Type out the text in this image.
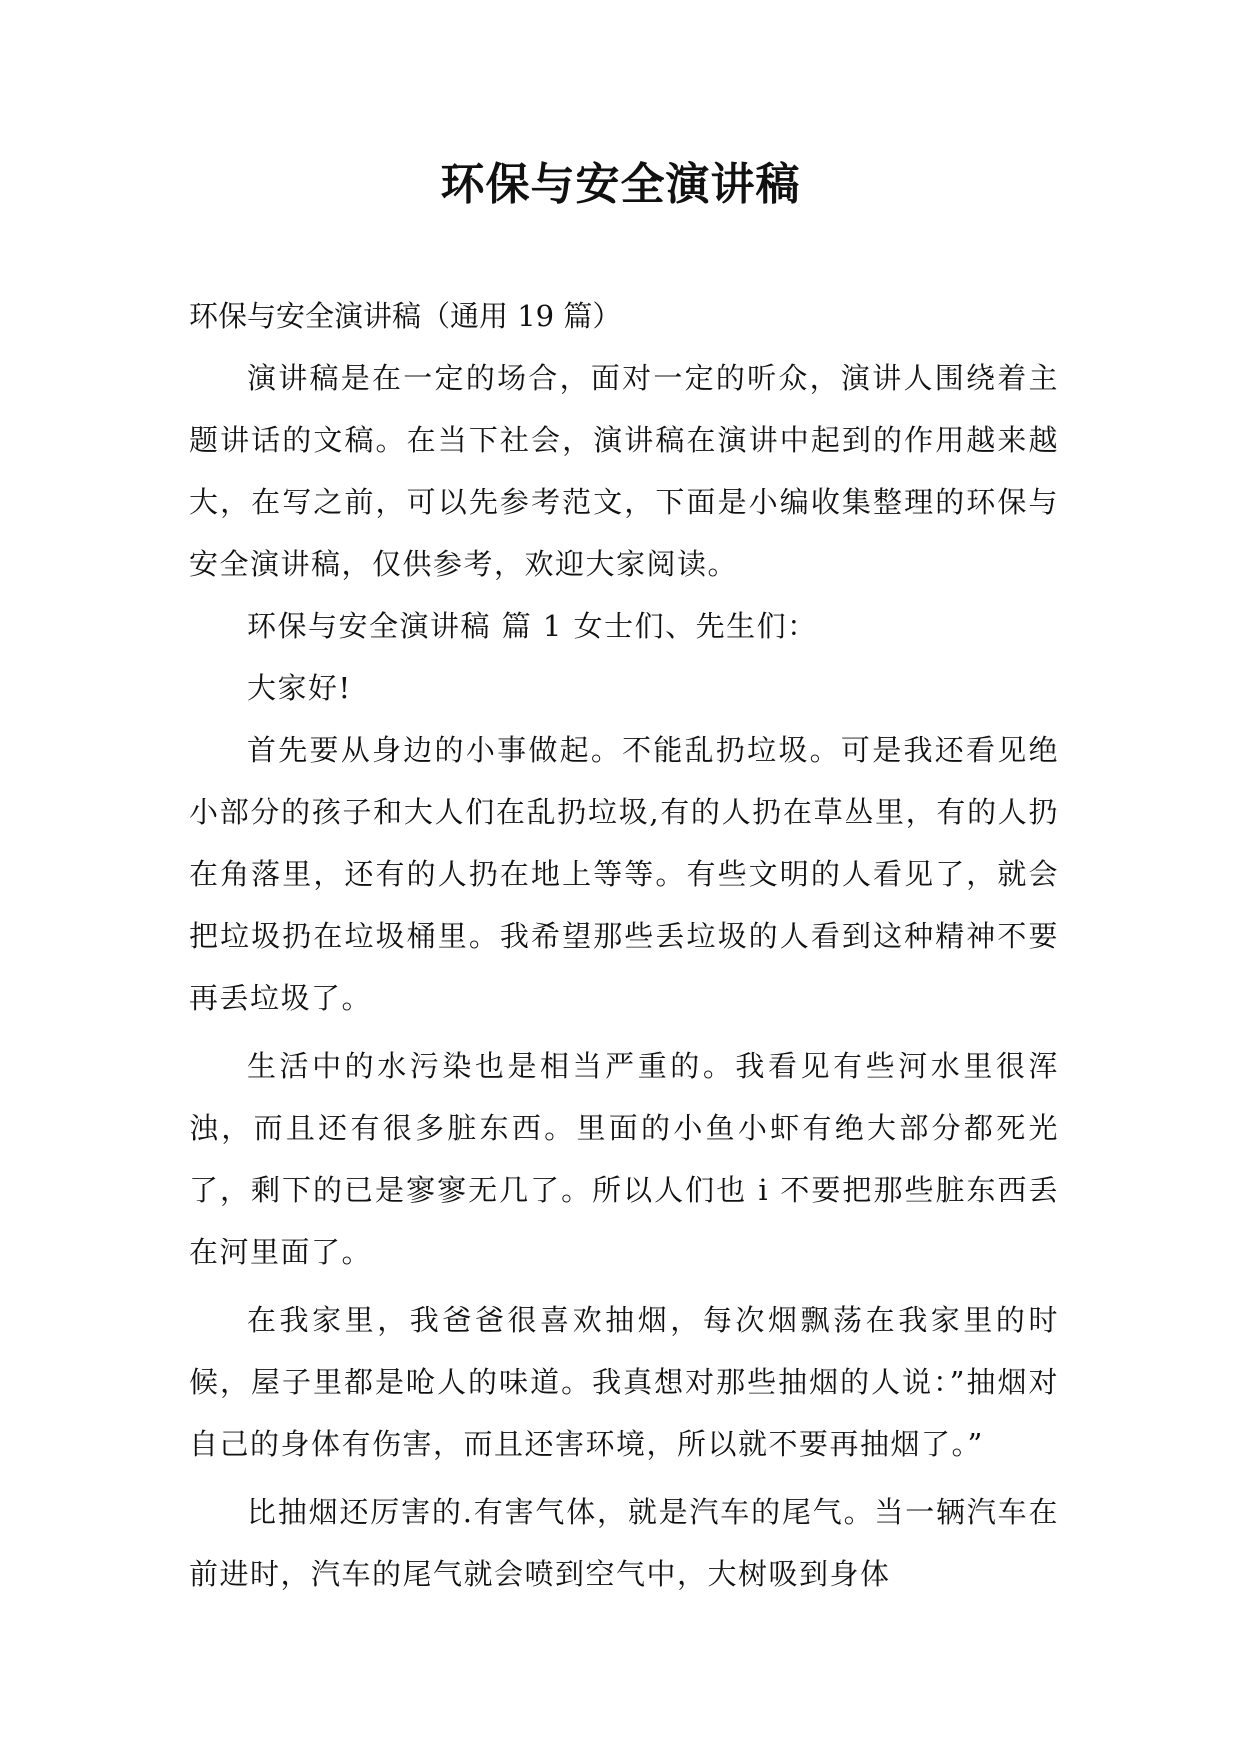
环保与安全演讲稿

环保与安全演讲稿（通用 19 篇）

演讲稿是在一定的场合，面对一定的听众，演讲人围绕着主题讲话的文稿。在当下社会，演讲稿在演讲中起到的作用越来越大，在写之前，可以先参考范文，下面是小编收集整理的环保与安全演讲稿，仅供参考，欢迎大家阅读。

环保与安全演讲稿 篇 1 女士们、先生们：

大家好!

首先要从身边的小事做起。不能乱扔垃圾。可是我还看见绝小部分的孩子和大人们在乱扔垃圾,有的人扔在草丛里，有的人扔在角落里，还有的人扔在地上等等。有些文明的人看见了，就会把垃圾扔在垃圾桶里。我希望那些丢垃圾的人看到这种精神不要再丢垃圾了。

生活中的水污染也是相当严重的。我看见有些河水里很浑浊，而且还有很多脏东西。里面的小鱼小虾有绝大部分都死光了，剩下的已是寥寥无几了。所以人们也 i 不要把那些脏东西丢在河里面了。

在我家里，我爸爸很喜欢抽烟，每次烟飘荡在我家里的时候，屋子里都是呛人的味道。我真想对那些抽烟的人说：”抽烟对自己的身体有伤害，而且还害环境，所以就不要再抽烟了。”

比抽烟还厉害的.有害气体，就是汽车的尾气。当一辆汽车在前进时，汽车的尾气就会喷到空气中，大树吸到身体
